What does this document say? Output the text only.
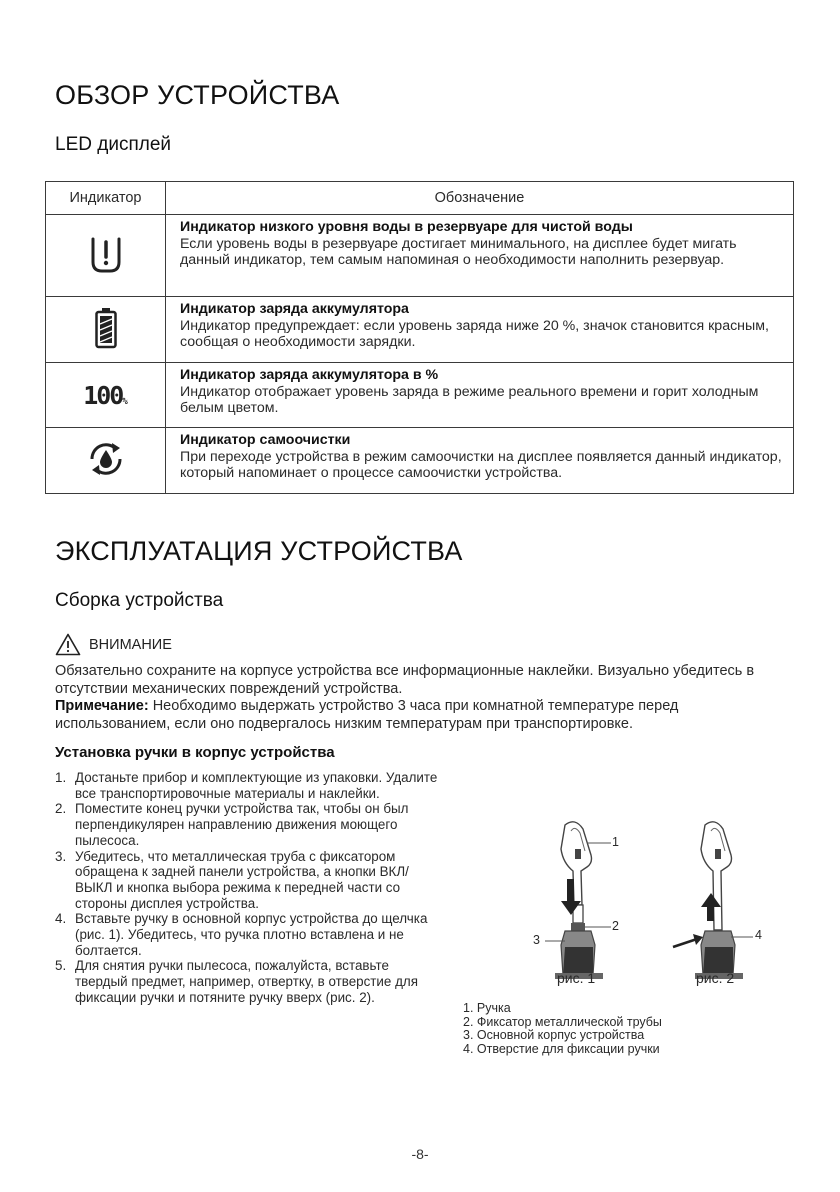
ОБЗОР УСТРОЙСТВА
LED дисплей
Индикатор	Обозначение

Индикатор низкого уровня воды в резервуаре для чистой воды
Если уровень воды в резервуаре достигает минимального, на дисплее будет мигать данный индикатор, тем самым напоминая о необходимости наполнить резервуар.

Индикатор заряда аккумулятора
Индикатор предупреждает: если уровень заряда ниже 20 %, значок становится красным, сообщая о необходимости зарядки.

100%	Индикатор заряда аккумулятора в %
Индикатор отображает уровень заряда в режиме реального времени и горит холодным белым цветом.

Индикатор самоочистки
При переходе устройства в режим самоочистки на дисплее появляется данный индикатор, который напоминает о процессе самоочистки устройства.
ЭКСПЛУАТАЦИЯ УСТРОЙСТВА
Сборка устройства
ВНИМАНИЕ
Обязательно сохраните на корпусе устройства все информационные наклейки. Визуально убедитесь в отсутствии механических повреждений устройства.
Примечание: Необходимо выдержать устройство 3 часа при комнатной температуре перед использованием, если оно подвергалось низким температурам при транспортировке.
Установка ручки в корпус устройства
1. Достаньте прибор и комплектующие из упаковки. Удалите все транспортировочные материалы и наклейки.
2. Поместите конец ручки устройства так, чтобы он был перпендикулярен направлению движения моющего пылесоса.
3. Убедитесь, что металлическая труба с фиксатором обращена к задней панели устройства, а кнопки ВКЛ/ВЫКЛ и кнопка выбора режима к передней части со стороны дисплея устройства.
4. Вставьте ручку в основной корпус устройства до щелчка (рис. 1). Убедитесь, что ручка плотно вставлена и не болтается.
5. Для снятия ручки пылесоса, пожалуйста, вставьте твердый предмет, например, отвертку, в отверстие для фиксации ручки и потяните ручку вверх (рис. 2).
1
2
3
рис. 1
4
рис. 2
1. Ручка
2. Фиксатор металлической трубы
3. Основной корпус устройства
4. Отверстие для фиксации ручки
-8-
